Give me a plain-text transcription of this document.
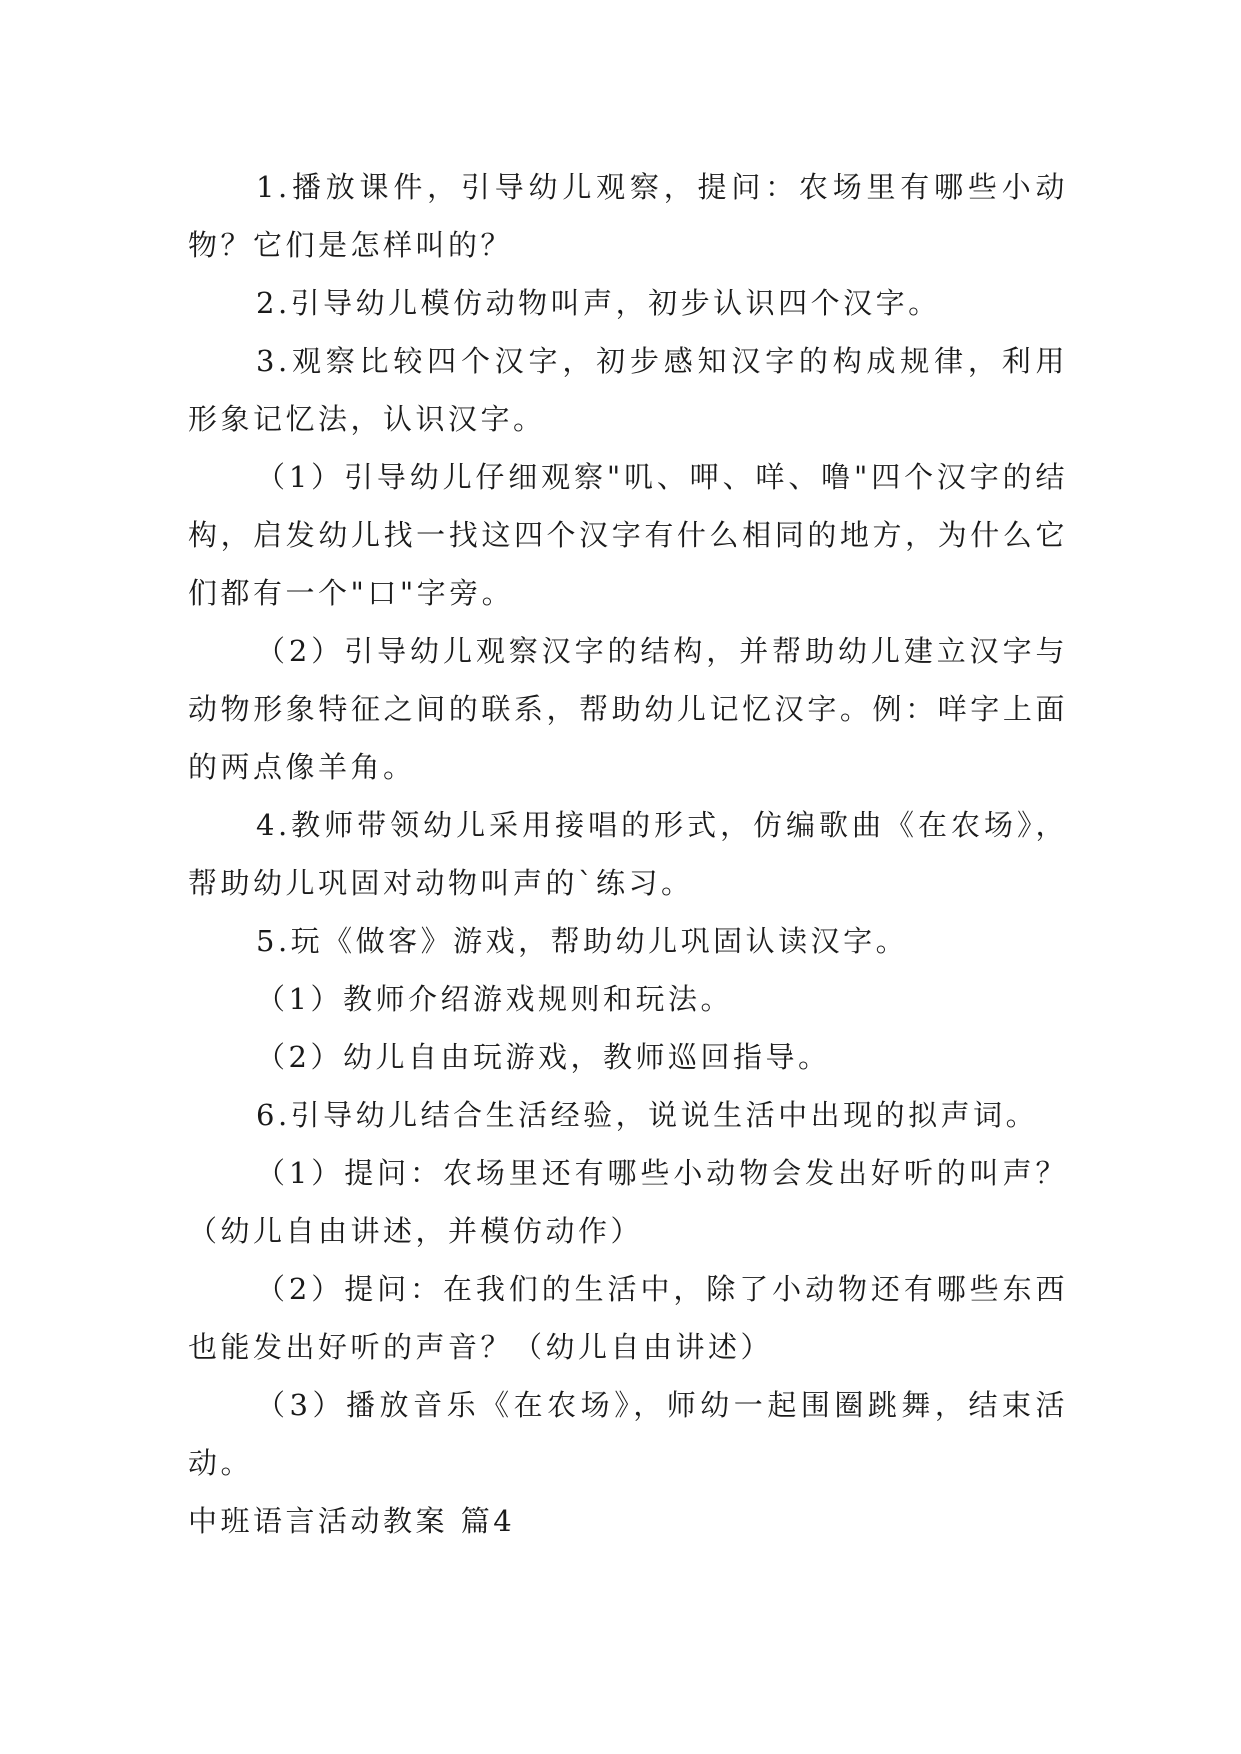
1.播放课件，引导幼儿观察，提问：农场里有哪些小动物？它们是怎样叫的？

2.引导幼儿模仿动物叫声，初步认识四个汉字。

3.观察比较四个汉字，初步感知汉字的构成规律，利用形象记忆法，认识汉字。

（1）引导幼儿仔细观察"叽、呷、咩、噜"四个汉字的结构，启发幼儿找一找这四个汉字有什么相同的地方，为什么它们都有一个"口"字旁。

（2）引导幼儿观察汉字的结构，并帮助幼儿建立汉字与动物形象特征之间的联系，帮助幼儿记忆汉字。例：咩字上面的两点像羊角。

4.教师带领幼儿采用接唱的形式，仿编歌曲《在农场》，帮助幼儿巩固对动物叫声的`练习。

5.玩《做客》游戏，帮助幼儿巩固认读汉字。

（1）教师介绍游戏规则和玩法。

（2）幼儿自由玩游戏，教师巡回指导。

6.引导幼儿结合生活经验，说说生活中出现的拟声词。

（1）提问：农场里还有哪些小动物会发出好听的叫声？（幼儿自由讲述，并模仿动作）

（2）提问：在我们的生活中，除了小动物还有哪些东西也能发出好听的声音？（幼儿自由讲述）

（3）播放音乐《在农场》，师幼一起围圈跳舞，结束活动。

中班语言活动教案 篇4
